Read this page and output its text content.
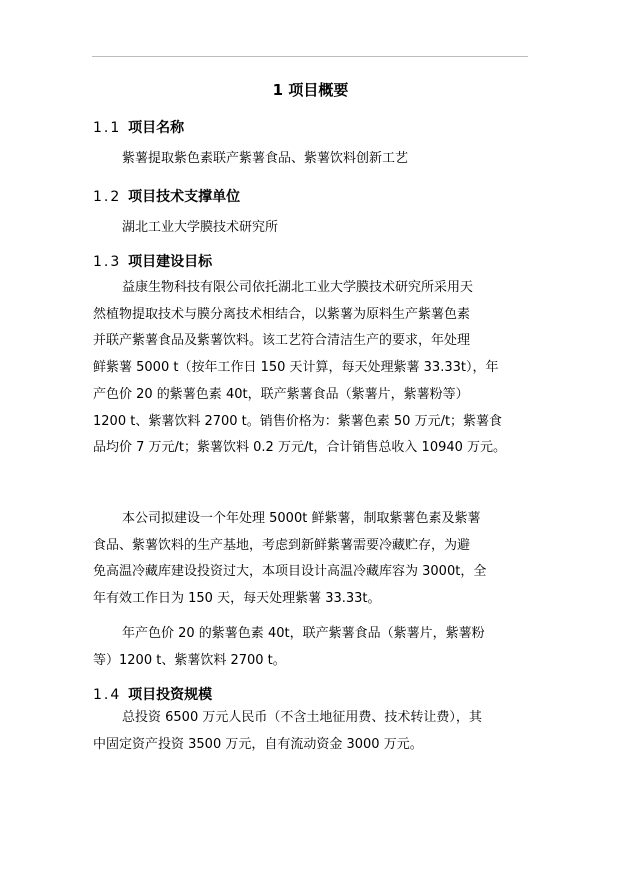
1 项目概要
1.1 项目名称
紫薯提取紫色素联产紫薯食品、紫薯饮料创新工艺
1.2 项目技术支撑单位
湖北工业大学膜技术研究所
1.3 项目建设目标

益康生物科技有限公司依托湖北工业大学膜技术研究所采用天
然植物提取技术与膜分离技术相结合，以紫薯为原料生产紫薯色素
并联产紫薯食品及紫薯饮料。该工艺符合清洁生产的要求，年处理
鲜紫薯 5000 t（按年工作日 150 天计算，每天处理紫薯 33.33t），年
产色价 20 的紫薯色素 40t，联产紫薯食品（紫薯片，紫薯粉等）
1200 t、紫薯饮料 2700 t。销售价格为：紫薯色素 50 万元/t；紫薯食
品均价 7 万元/t；紫薯饮料 0.2 万元/t，合计销售总收入 10940 万元。

本公司拟建设一个年处理 5000t 鲜紫薯，制取紫薯色素及紫薯
食品、紫薯饮料的生产基地，考虑到新鲜紫薯需要冷藏贮存，为避
免高温冷藏库建设投资过大，本项目设计高温冷藏库容为 3000t，全
年有效工作日为 150 天，每天处理紫薯 33.33t。

年产色价 20 的紫薯色素 40t，联产紫薯食品（紫薯片，紫薯粉
等）1200 t、紫薯饮料 2700 t。

1.4 项目投资规模

总投资 6500 万元人民币（不含土地征用费、技术转让费），其
中固定资产投资 3500 万元，自有流动资金 3000 万元。
